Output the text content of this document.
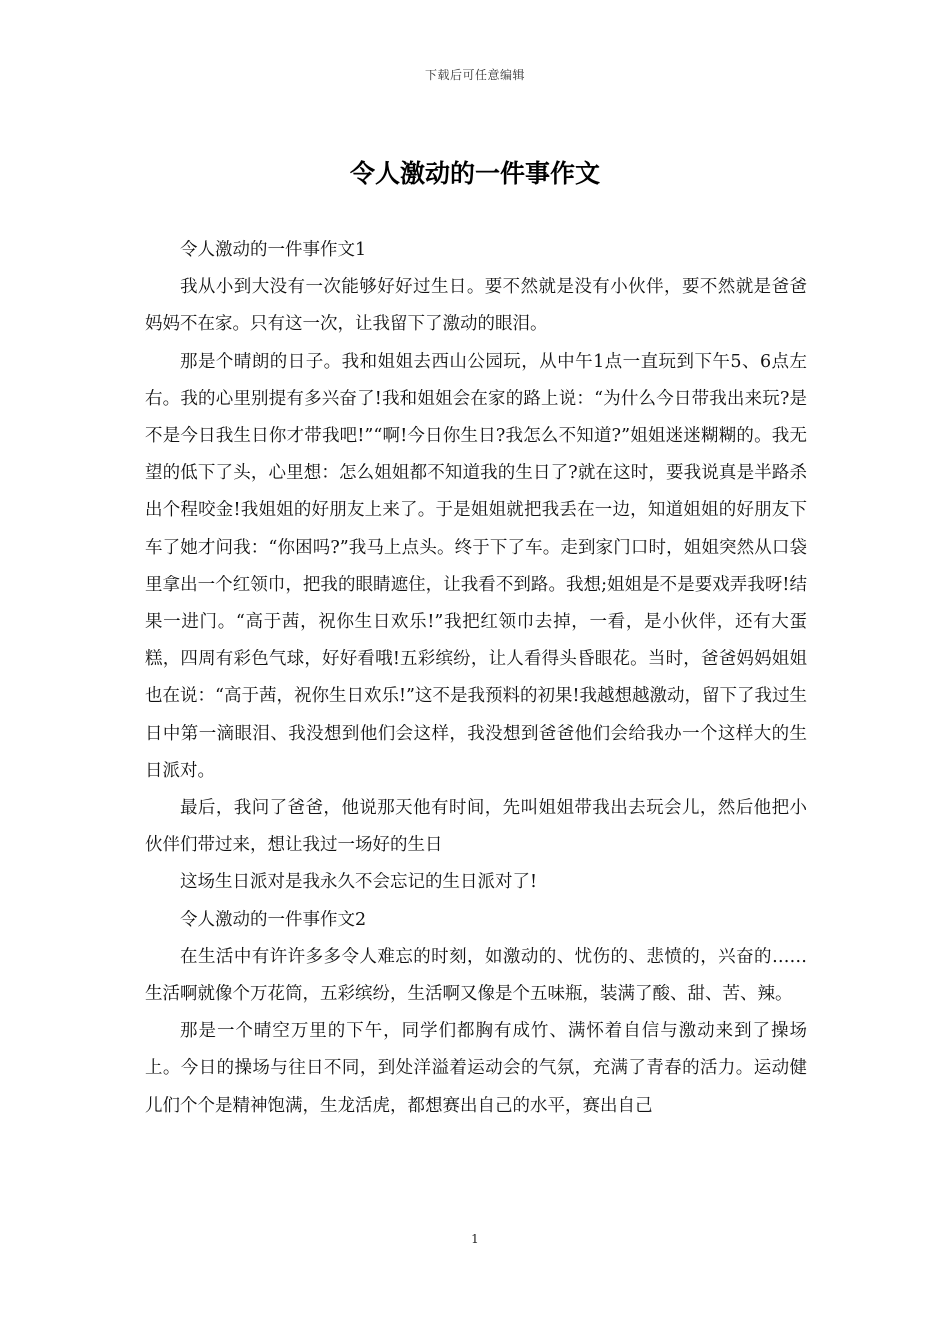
下载后可任意编辑
令人激动的一件事作文

令人激动的一件事作文1

我从小到大没有一次能够好好过生日。要不然就是没有小伙伴，要不然就是爸爸妈妈不在家。只有这一次，让我留下了激动的眼泪。

那是个晴朗的日子。我和姐姐去西山公园玩，从中午1点一直玩到下午5、6点左右。我的心里别提有多兴奋了!我和姐姐会在家的路上说：“为什么今日带我出来玩?是不是今日我生日你才带我吧!”“啊!今日你生日?我怎么不知道?”姐姐迷迷糊糊的。我无望的低下了头，心里想：怎么姐姐都不知道我的生日了?就在这时，要我说真是半路杀出个程咬金!我姐姐的好朋友上来了。于是姐姐就把我丢在一边，知道姐姐的好朋友下车了她才问我：“你困吗?”我马上点头。终于下了车。走到家门口时，姐姐突然从口袋里拿出一个红领巾，把我的眼睛遮住，让我看不到路。我想;姐姐是不是要戏弄我呀!结果一进门。“高于茜，祝你生日欢乐!”我把红领巾去掉，一看，是小伙伴，还有大蛋糕，四周有彩色气球，好好看哦!五彩缤纷，让人看得头昏眼花。当时，爸爸妈妈姐姐也在说：“高于茜，祝你生日欢乐!”这不是我预料的初果!我越想越激动，留下了我过生日中第一滴眼泪、我没想到他们会这样，我没想到爸爸他们会给我办一个这样大的生日派对。

最后，我问了爸爸，他说那天他有时间，先叫姐姐带我出去玩会儿，然后他把小伙伴们带过来，想让我过一场好的生日

这场生日派对是我永久不会忘记的生日派对了!

令人激动的一件事作文2

在生活中有许许多多令人难忘的时刻，如激动的、忧伤的、悲愤的，兴奋的……生活啊就像个万花筒，五彩缤纷，生活啊又像是个五味瓶，装满了酸、甜、苦、辣。

那是一个晴空万里的下午，同学们都胸有成竹、满怀着自信与激动来到了操场上。今日的操场与往日不同，到处洋溢着运动会的气氛，充满了青春的活力。运动健儿们个个是精神饱满，生龙活虎，都想赛出自己的水平，赛出自己

1
